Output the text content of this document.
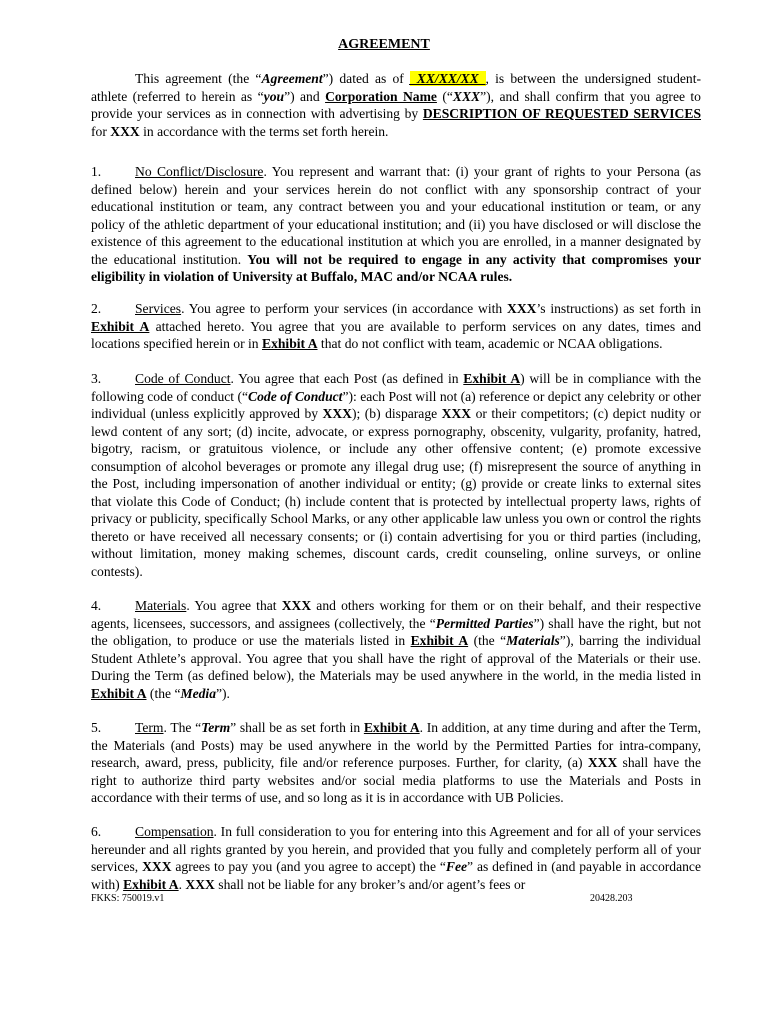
AGREEMENT

This agreement (the “Agreement”) dated as of _XX/XX/XX_, is between the undersigned student-athlete (referred to herein as “you”) and Corporation Name (“XXX”), and shall confirm that you agree to provide your services as in connection with advertising by DESCRIPTION OF REQUESTED SERVICES for XXX in accordance with the terms set forth herein.

1. No Conflict/Disclosure. You represent and warrant that: (i) your grant of rights to your Persona (as defined below) herein and your services herein do not conflict with any sponsorship contract of your educational institution or team, any contract between you and your educational institution or team, or any policy of the athletic department of your educational institution; and (ii) you have disclosed or will disclose the existence of this agreement to the educational institution at which you are enrolled, in a manner designated by the educational institution. You will not be required to engage in any activity that compromises your eligibility in violation of University at Buffalo, MAC and/or NCAA rules.

2. Services. You agree to perform your services (in accordance with XXX’s instructions) as set forth in Exhibit A attached hereto. You agree that you are available to perform services on any dates, times and locations specified herein or in Exhibit A that do not conflict with team, academic or NCAA obligations.

3. Code of Conduct. You agree that each Post (as defined in Exhibit A) will be in compliance with the following code of conduct (“Code of Conduct”): each Post will not (a) reference or depict any celebrity or other individual (unless explicitly approved by XXX); (b) disparage XXX or their competitors; (c) depict nudity or lewd content of any sort; (d) incite, advocate, or express pornography, obscenity, vulgarity, profanity, hatred, bigotry, racism, or gratuitous violence, or include any other offensive content; (e) promote excessive consumption of alcohol beverages or promote any illegal drug use; (f) misrepresent the source of anything in the Post, including impersonation of another individual or entity; (g) provide or create links to external sites that violate this Code of Conduct; (h) include content that is protected by intellectual property laws, rights of privacy or publicity, specifically School Marks, or any other applicable law unless you own or control the rights thereto or have received all necessary consents; or (i) contain advertising for you or third parties (including, without limitation, money making schemes, discount cards, credit counseling, online surveys, or online contests).

4. Materials. You agree that XXX and others working for them or on their behalf, and their respective agents, licensees, successors, and assignees (collectively, the “Permitted Parties”) shall have the right, but not the obligation, to produce or use the materials listed in Exhibit A (the “Materials”), barring the individual Student Athlete’s approval. You agree that you shall have the right of approval of the Materials or their use. During the Term (as defined below), the Materials may be used anywhere in the world, in the media listed in Exhibit A (the “Media”).

5. Term. The “Term” shall be as set forth in Exhibit A. In addition, at any time during and after the Term, the Materials (and Posts) may be used anywhere in the world by the Permitted Parties for intra-company, research, award, press, publicity, file and/or reference purposes. Further, for clarity, (a) XXX shall have the right to authorize third party websites and/or social media platforms to use the Materials and Posts in accordance with their terms of use, and so long as it is in accordance with UB Policies.

6. Compensation. In full consideration to you for entering into this Agreement and for all of your services hereunder and all rights granted by you herein, and provided that you fully and completely perform all of your services, XXX agrees to pay you (and you agree to accept) the “Fee” as defined in (and payable in accordance with) Exhibit A. XXX shall not be liable for any broker’s and/or agent’s fees or

FKKS: 750019.v1	20428.203
